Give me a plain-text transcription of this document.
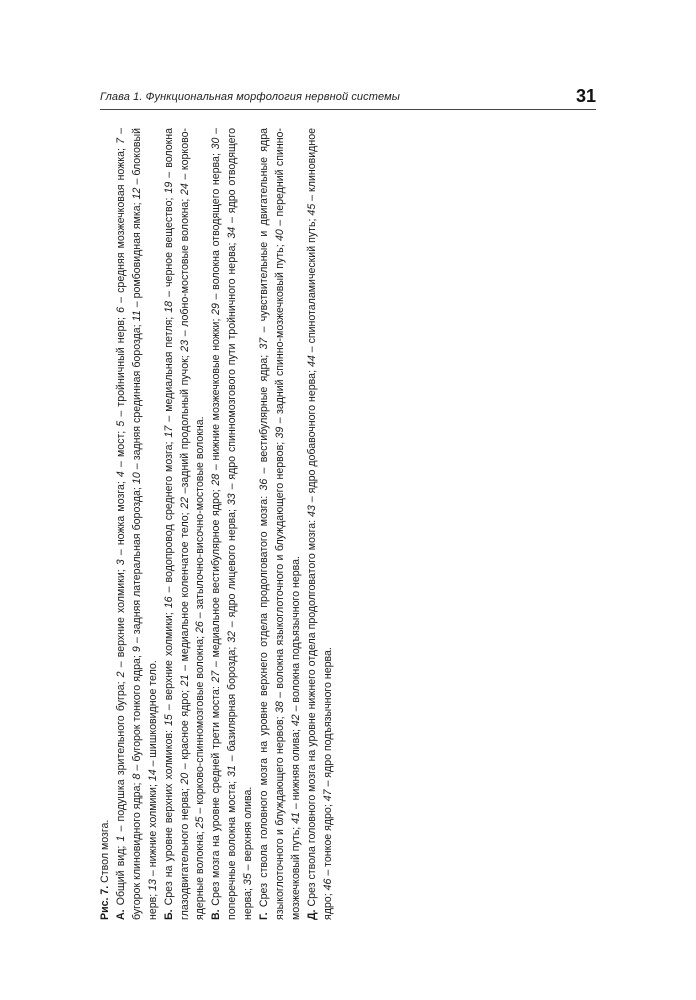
Глава 1. Функциональная морфология нервной системы	31

Рис. 7. Ствол мозга.

А. Общий вид; 1 – подушка зрительного бугра; 2 – верхние холмики; 3 – ножка мозга; 4 – мост; 5 – тройничный нерв; 6 – средняя мозжечковая ножка; 7 – бугорок клиновидного ядра; 8 – бугорок тонкого ядра; 9 – задняя латеральная борозда; 10 – задняя срединная борозда; 11 – ромбовидная ямка; 12 – блоковый нерв; 13 – нижние холмики; 14 – шишковидное тело.

Б. Срез на уровне верхних холмиков: 15 – верхние холмики; 16 – водопровод среднего мозга; 17 – медиальная петля; 18 – черное вещество; 19 – волокна глазодвигательного нерва; 20 – красное ядро; 21 – медиальное коленчатое тело; 22 –задний продольный пучок; 23 – лобно-мостовые волокна; 24 – корково-ядерные волокна; 25 – корково-спинномозговые волокна; 26 – затылочно-височно-мостовые волокна.

В. Срез мозга на уровне средней трети моста: 27 – медиальное вестибулярное ядро; 28 – нижние мозжечковые ножки; 29 – волокна отводящего нерва; 30 – поперечные волокна моста; 31 – базилярная борозда; 32 – ядро лицевого нерва; 33 – ядро спинномозгового пути тройничного нерва; 34 – ядро отводящего нерва; 35 – верхняя олива.

Г. Срез ствола головного мозга на уровне верхнего отдела продолговатого мозга: 36 – вестибулярные ядра; 37 – чувствительные и двигательные ядра языкоглоточного и блуждающего нервов; 38 – волокна языкоглоточного и блуждающего нервов; 39 – задний спинно-мозжечковый путь; 40 – передний спинно-мозжечковый путь; 41 – нижняя олива; 42 – волокна подъязычного нерва.

Д. Срез ствола головного мозга на уровне нижнего отдела продолговатого мозга: 43 – ядро добавочного нерва; 44 – спиноталамический путь; 45 – клиновидное ядро; 46 – тонкое ядро; 47 – ядро подъязычного нерва.
